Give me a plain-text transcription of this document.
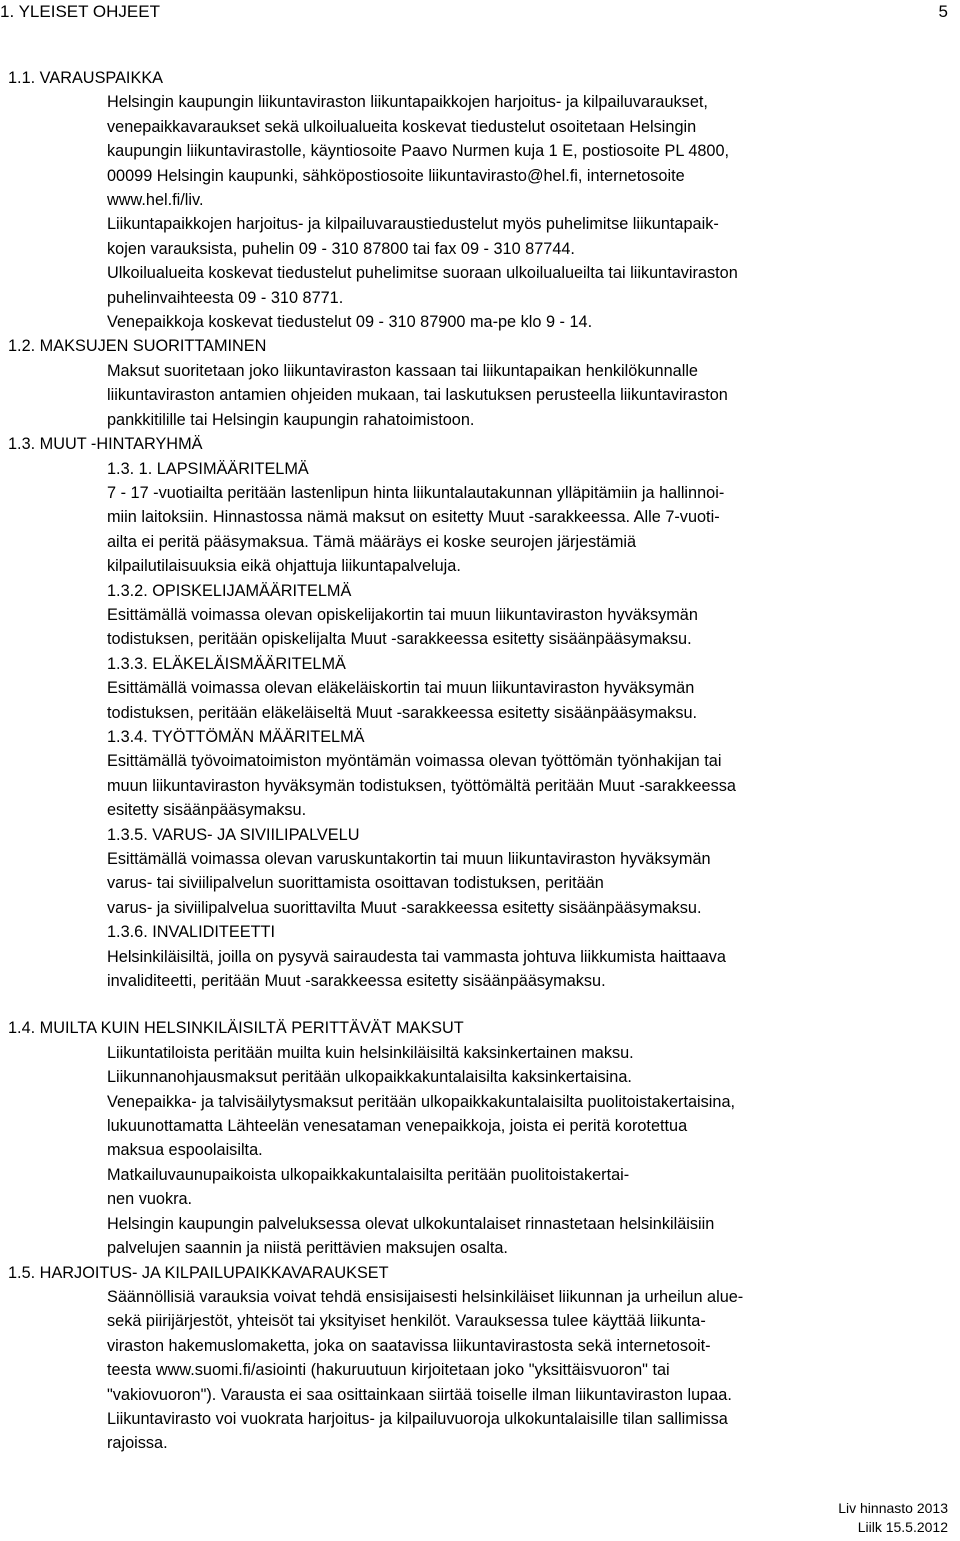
1. YLEISET OHJEET	5
1.1. VARAUSPAIKKA
Helsingin kaupungin liikuntaviraston liikuntapaikkojen harjoitus- ja kilpailuvaraukset,
venepaikkavaraukset sekä ulkoilualueita koskevat tiedustelut osoitetaan Helsingin
kaupungin liikuntavirastolle, käyntiosoite Paavo Nurmen kuja 1 E, postiosoite PL 4800,
00099 Helsingin kaupunki, sähköpostiosoite liikuntavirasto@hel.fi, internetosoite
www.hel.fi/liv.
Liikuntapaikkojen harjoitus- ja kilpailuvaraustiedustelut myös puhelimitse liikuntapaik-
kojen varauksista, puhelin 09 - 310 87800 tai fax 09 - 310 87744.
Ulkoilualueita koskevat tiedustelut puhelimitse suoraan ulkoilualueilta tai liikuntaviraston
puhelinvaihteesta 09 - 310 8771.
Venepaikkoja koskevat tiedustelut 09 - 310 87900 ma-pe klo 9 - 14.
1.2. MAKSUJEN SUORITTAMINEN
Maksut suoritetaan joko liikuntaviraston kassaan tai liikuntapaikan henkilökunnalle
liikuntaviraston antamien ohjeiden mukaan, tai laskutuksen perusteella liikuntaviraston
pankkitilille tai Helsingin kaupungin rahatoimistoon.
1.3. MUUT -HINTARYHMÄ
1.3. 1. LAPSIMÄÄRITELMÄ
7 - 17 -vuotiailta peritään lastenlipun hinta liikuntalautakunnan ylläpitämiin ja hallinnoi-
miin laitoksiin. Hinnastossa nämä maksut on esitetty Muut -sarakkeessa. Alle 7-vuoti-
ailta ei peritä pääsymaksua. Tämä määräys ei koske seurojen järjestämiä
kilpailutilaisuuksia eikä ohjattuja liikuntapalveluja.
1.3.2. OPISKELIJAMÄÄRITELMÄ
Esittämällä voimassa olevan opiskelijakortin tai muun liikuntaviraston hyväksymän
todistuksen, peritään opiskelijalta Muut -sarakkeessa esitetty sisäänpääsymaksu.
1.3.3. ELÄKELÄISMÄÄRITELMÄ
Esittämällä voimassa olevan eläkeläiskortin tai muun liikuntaviraston hyväksymän
todistuksen, peritään eläkeläiseltä Muut -sarakkeessa esitetty sisäänpääsymaksu.
1.3.4. TYÖTTÖMÄN MÄÄRITELMÄ
Esittämällä työvoimatoimiston myöntämän voimassa olevan työttömän työnhakijan tai
muun liikuntaviraston hyväksymän todistuksen, työttömältä peritään Muut -sarakkeessa
esitetty sisäänpääsymaksu.
1.3.5. VARUS- JA SIVIILIPALVELU
Esittämällä voimassa olevan varuskuntakortin tai muun liikuntaviraston hyväksymän
varus- tai siviilipalvelun suorittamista osoittavan todistuksen, peritään
varus- ja siviilipalvelua suorittavilta Muut -sarakkeessa esitetty sisäänpääsymaksu.
1.3.6. INVALIDITEETTI
Helsinkiläisiltä, joilla on pysyvä sairaudesta tai vammasta johtuva liikkumista haittaava
invaliditeetti, peritään Muut -sarakkeessa esitetty sisäänpääsymaksu.
1.4. MUILTA KUIN HELSINKILÄISILTÄ PERITTÄVÄT MAKSUT
Liikuntatiloista peritään muilta kuin helsinkiläisiltä kaksinkertainen maksu.
Liikunnanohjausmaksut peritään ulkopaikkakuntalaisilta kaksinkertaisina.
Venepaikka- ja talvisäilytysmaksut peritään ulkopaikkakuntalaisilta puolitoistakertaisina,
lukuunottamatta Lähteelän venesataman venepaikkoja, joista ei peritä korotettua
maksua espoolaisilta.
Matkailuvaunupaikoista ulkopaikkakuntalaisilta peritään puolitoistakertai-
nen vuokra.
Helsingin kaupungin palveluksessa olevat ulkokuntalaiset rinnastetaan helsinkiläisiin
palvelujen saannin ja niistä perittävien maksujen osalta.
1.5. HARJOITUS- JA KILPAILUPAIKKAVARAUKSET
Säännöllisiä varauksia voivat tehdä ensisijaisesti helsinkiläiset liikunnan ja urheilun alue-
sekä piirijärjestöt, yhteisöt tai yksityiset henkilöt. Varauksessa tulee käyttää liikunta-
viraston hakemuslomaketta, joka on saatavissa liikuntavirastosta sekä internetosoit-
teesta www.suomi.fi/asiointi (hakuruutuun kirjoitetaan joko "yksittäisvuoron" tai
"vakiovuoron"). Varausta ei saa osittainkaan siirtää toiselle ilman liikuntaviraston lupaa.
Liikuntavirasto voi vuokrata harjoitus- ja kilpailuvuoroja ulkokuntalaisille tilan sallimissa
rajoissa.
Liv hinnasto 2013
Liilk 15.5.2012
